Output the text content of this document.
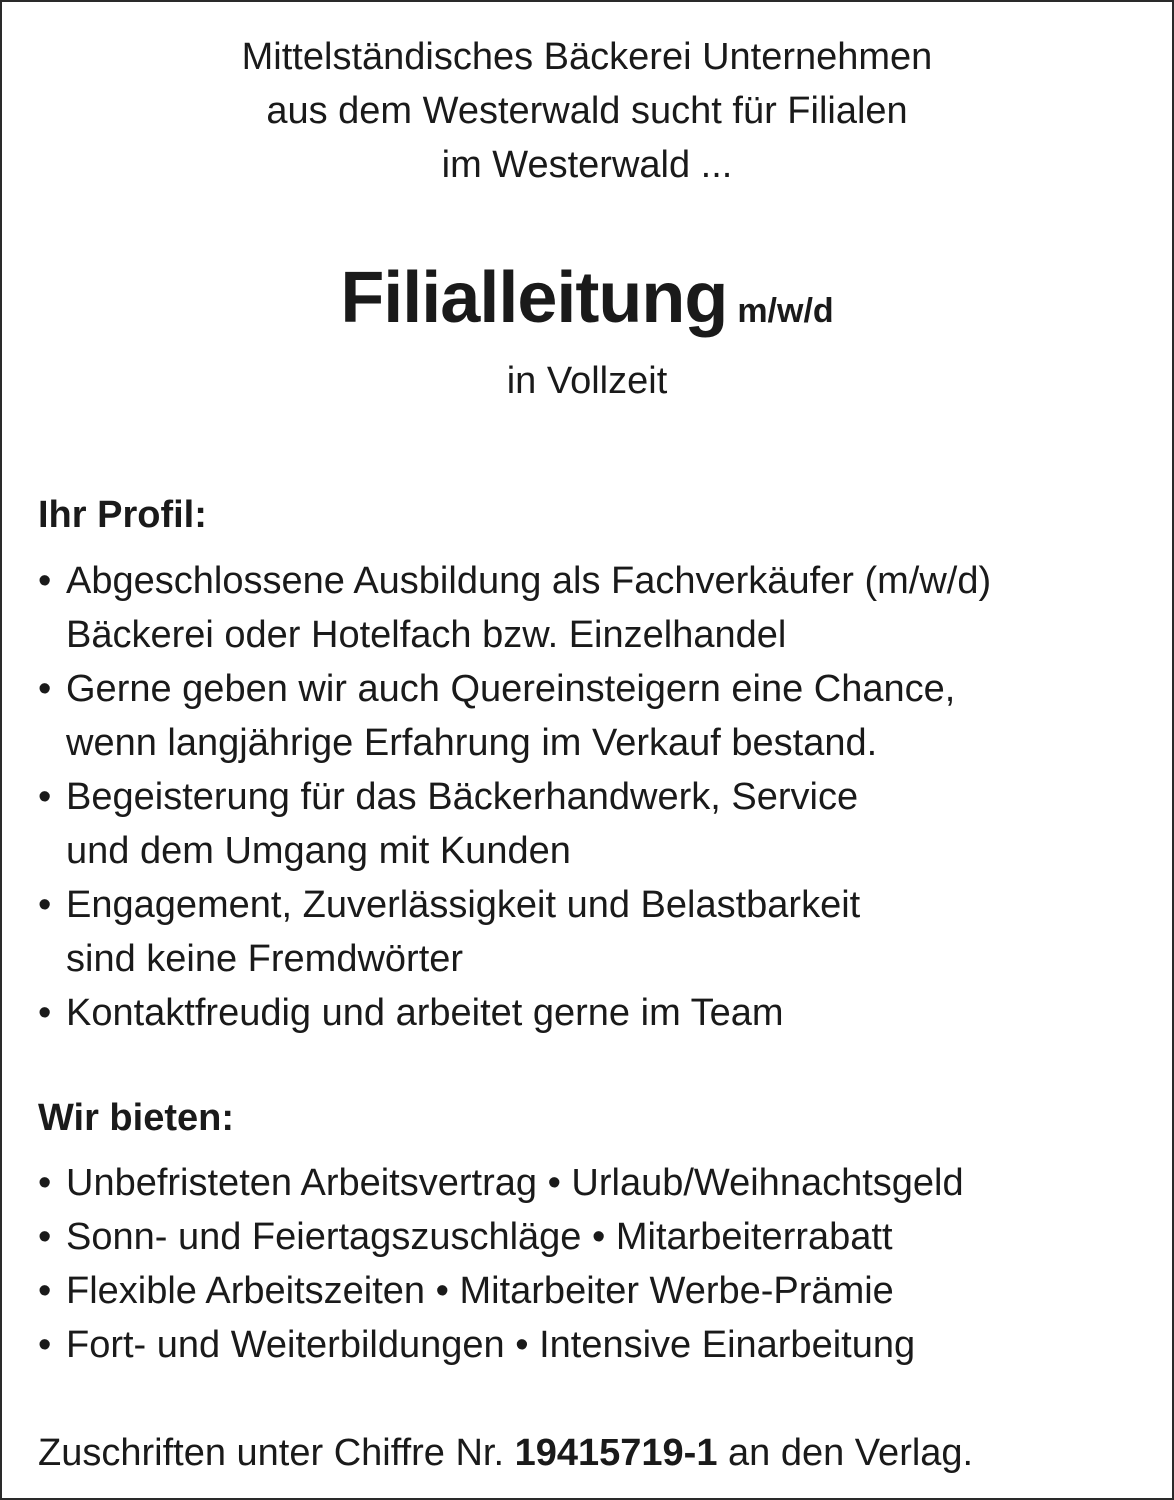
Mittelständisches Bäckerei Unternehmen
aus dem Westerwald sucht für Filialen
im Westerwald ...
Filialleitung m/w/d
in Vollzeit
Ihr Profil:
• Abgeschlossene Ausbildung als Fachverkäufer (m/w/d)
Bäckerei oder Hotelfach bzw. Einzelhandel
• Gerne geben wir auch Quereinsteigern eine Chance,
wenn langjährige Erfahrung im Verkauf bestand.
• Begeisterung für das Bäckerhandwerk, Service
und dem Umgang mit Kunden
• Engagement, Zuverlässigkeit und Belastbarkeit
sind keine Fremdwörter
• Kontaktfreudig und arbeitet gerne im Team
Wir bieten:
• Unbefristeten Arbeitsvertrag • Urlaub/Weihnachtsgeld
• Sonn- und Feiertagszuschläge • Mitarbeiterrabatt
• Flexible Arbeitszeiten • Mitarbeiter Werbe-Prämie
• Fort- und Weiterbildungen • Intensive Einarbeitung
Zuschriften unter Chiffre Nr. 19415719-1 an den Verlag.
